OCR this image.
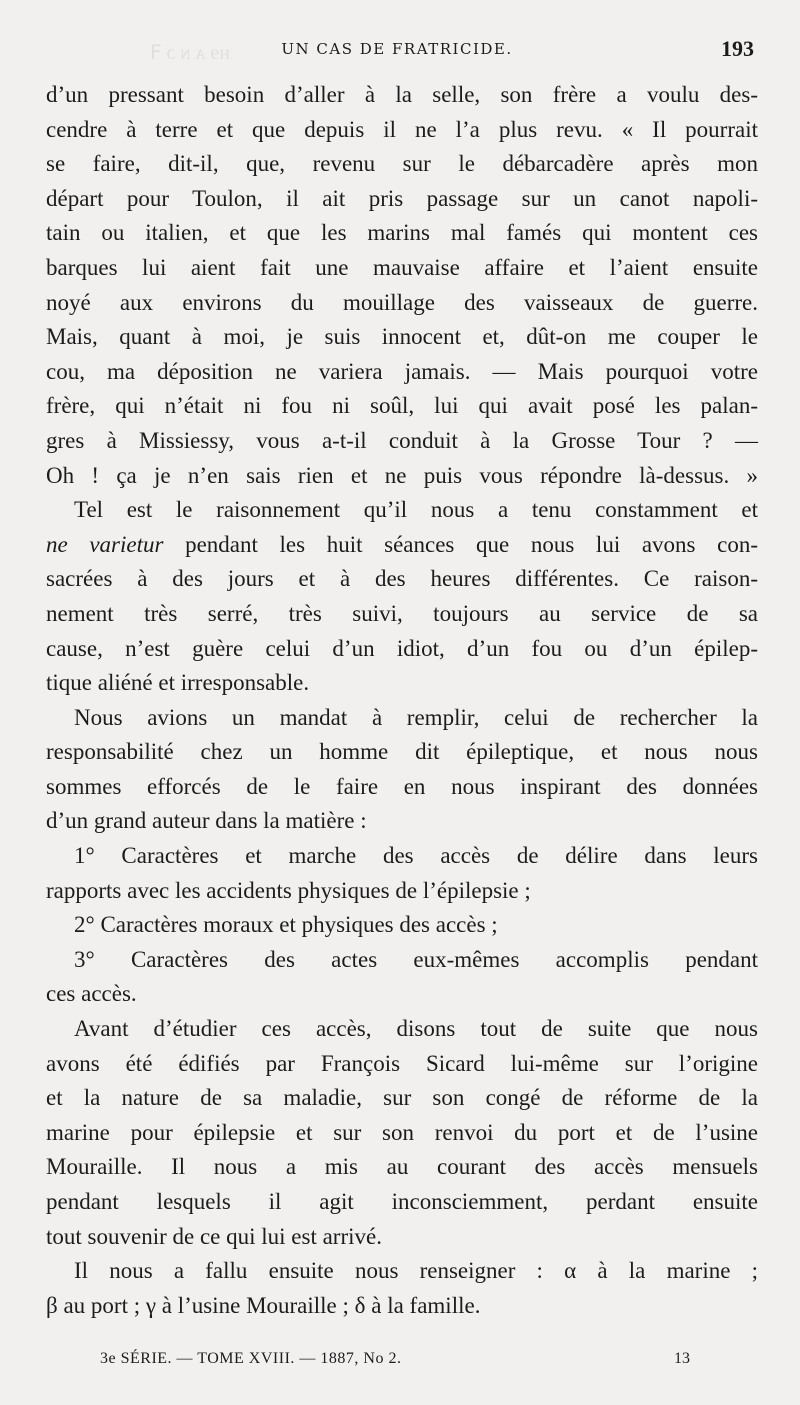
UN CAS DE FRATRICIDE.	193
ʜɘ ᴀ ɴ ɔ ꟻ
d’un pressant besoin d’aller à la selle, son frère a voulu des-
cendre à terre et que depuis il ne l’a plus revu. « Il pourrait
se faire, dit-il, que, revenu sur le débarcadère après mon
départ pour Toulon, il ait pris passage sur un canot napoli-
tain ou italien, et que les marins mal famés qui montent ces
barques lui aient fait une mauvaise affaire et l’aient ensuite
noyé aux environs du mouillage des vaisseaux de guerre.
Mais, quant à moi, je suis innocent et, dût-on me couper le
cou, ma déposition ne variera jamais. — Mais pourquoi votre
frère, qui n’était ni fou ni soûl, lui qui avait posé les palan-
gres à Missiessy, vous a-t-il conduit à la Grosse Tour ? —
Oh ! ça je n’en sais rien et ne puis vous répondre là-dessus. »
Tel est le raisonnement qu’il nous a tenu constamment et
ne varietur pendant les huit séances que nous lui avons con-
sacrées à des jours et à des heures différentes. Ce raison-
nement très serré, très suivi, toujours au service de sa
cause, n’est guère celui d’un idiot, d’un fou ou d’un épilep-
tique aliéné et irresponsable.
Nous avions un mandat à remplir, celui de rechercher la
responsabilité chez un homme dit épileptique, et nous nous
sommes efforcés de le faire en nous inspirant des données
d’un grand auteur dans la matière :
1° Caractères et marche des accès de délire dans leurs
rapports avec les accidents physiques de l’épilepsie ;
2° Caractères moraux et physiques des accès ;
3° Caractères des actes eux-mêmes accomplis pendant
ces accès.
Avant d’étudier ces accès, disons tout de suite que nous
avons été édifiés par François Sicard lui-même sur l’origine
et la nature de sa maladie, sur son congé de réforme de la
marine pour épilepsie et sur son renvoi du port et de l’usine
Mouraille. Il nous a mis au courant des accès mensuels
pendant lesquels il agit inconsciemment, perdant ensuite
tout souvenir de ce qui lui est arrivé.
Il nous a fallu ensuite nous renseigner : α à la marine ;
β au port ; γ à l’usine Mouraille ; δ à la famille.
3e SÉRIE. — TOME XVIII. — 1887, No 2.	13
